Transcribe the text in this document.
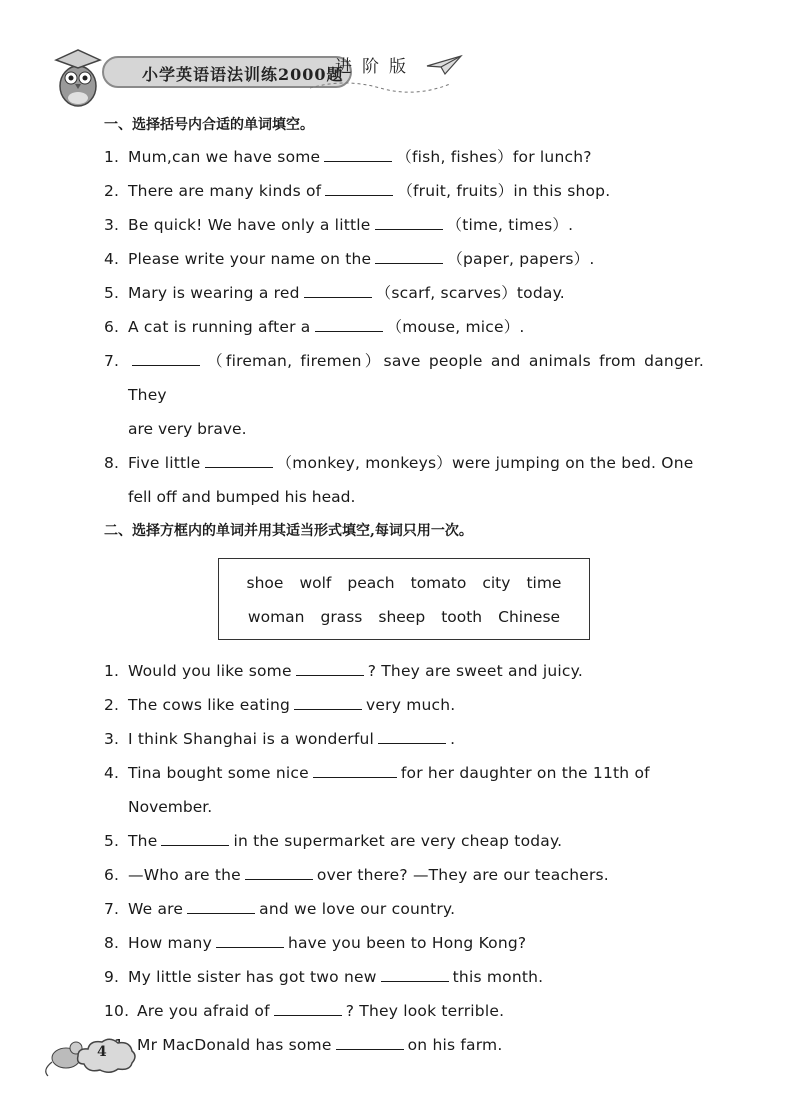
小学英语语法训练2000题
进阶版
一、选择括号内合适的单词填空。
1. Mum,can we have some	（fish, fishes）for lunch?
2. There are many kinds of	（fruit, fruits）in this shop.
3. Be quick! We have only a little	（time, times）.
4. Please write your name on the	（paper, papers）.
5. Mary is wearing a red	（scarf, scarves）today.
6. A cat is running after a	（mouse, mice）.
7.	（fireman, firemen）save people and animals from danger. They
are very brave.
8. Five little	（monkey, monkeys）were jumping on the bed. One
fell off and bumped his head.
二、选择方框内的单词并用其适当形式填空,每词只用一次。
shoe wolf peach tomato city time
woman grass sheep tooth Chinese
1. Would you like some	? They are sweet and juicy.
2. The cows like eating	very much.
3. I think Shanghai is a wonderful	.
4. Tina bought some nice	for her daughter on the 11th of
November.
5. The	in the supermarket are very cheap today.
6. —Who are the	over there? —They are our teachers.
7. We are	and we love our country.
8. How many	have you been to Hong Kong?
9. My little sister has got two new	this month.
10. Are you afraid of	? They look terrible.
Mr MacDonald has some	on his farm.
4
